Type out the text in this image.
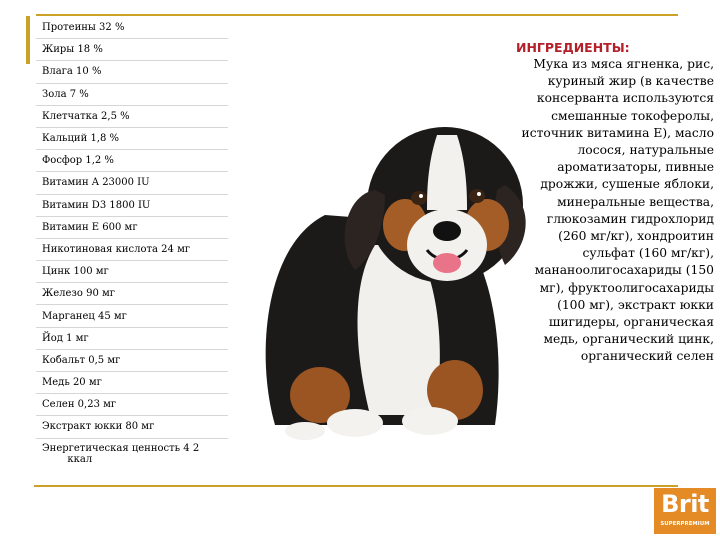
Протеины 32 %
Жиры 18 %
Влага 10 %
Зола 7 %
Клетчатка 2,5 %
Кальций 1,8 %
Фосфор 1,2 %
Витамин A 23000 IU
Витамин D3 1800 IU
Витамин E 600 мг
Никотиновая кислота 24 мг
Цинк 100 мг
Железо 90 мг
Марганец 45 мг
Йод 1 мг
Кобальт 0,5 мг
Медь 20 мг
Селен 0,23 мг
Экстракт юкки 80 мг

Энергетическая ценность 4 2
ккал
ИНГРЕДИЕНТЫ:
Мука из мяса ягненка, рис, куриный жир (в качестве консерванта используются смешанные токоферолы, источник витамина Е), масло лосося, натуральные ароматизаторы, пивные дрожжи, сушеные яблоки, минеральные вещества, глюкозамин гидрохлорид (260 мг/кг), хондроитин сульфат (160 мг/кг), мананоолигосахариды (150 мг), фруктоолигосахариды (100 мг), экстракт юкки шигидеры, органическая медь, органический цинк, органический селен
Brit
SUPERPREMIUM
